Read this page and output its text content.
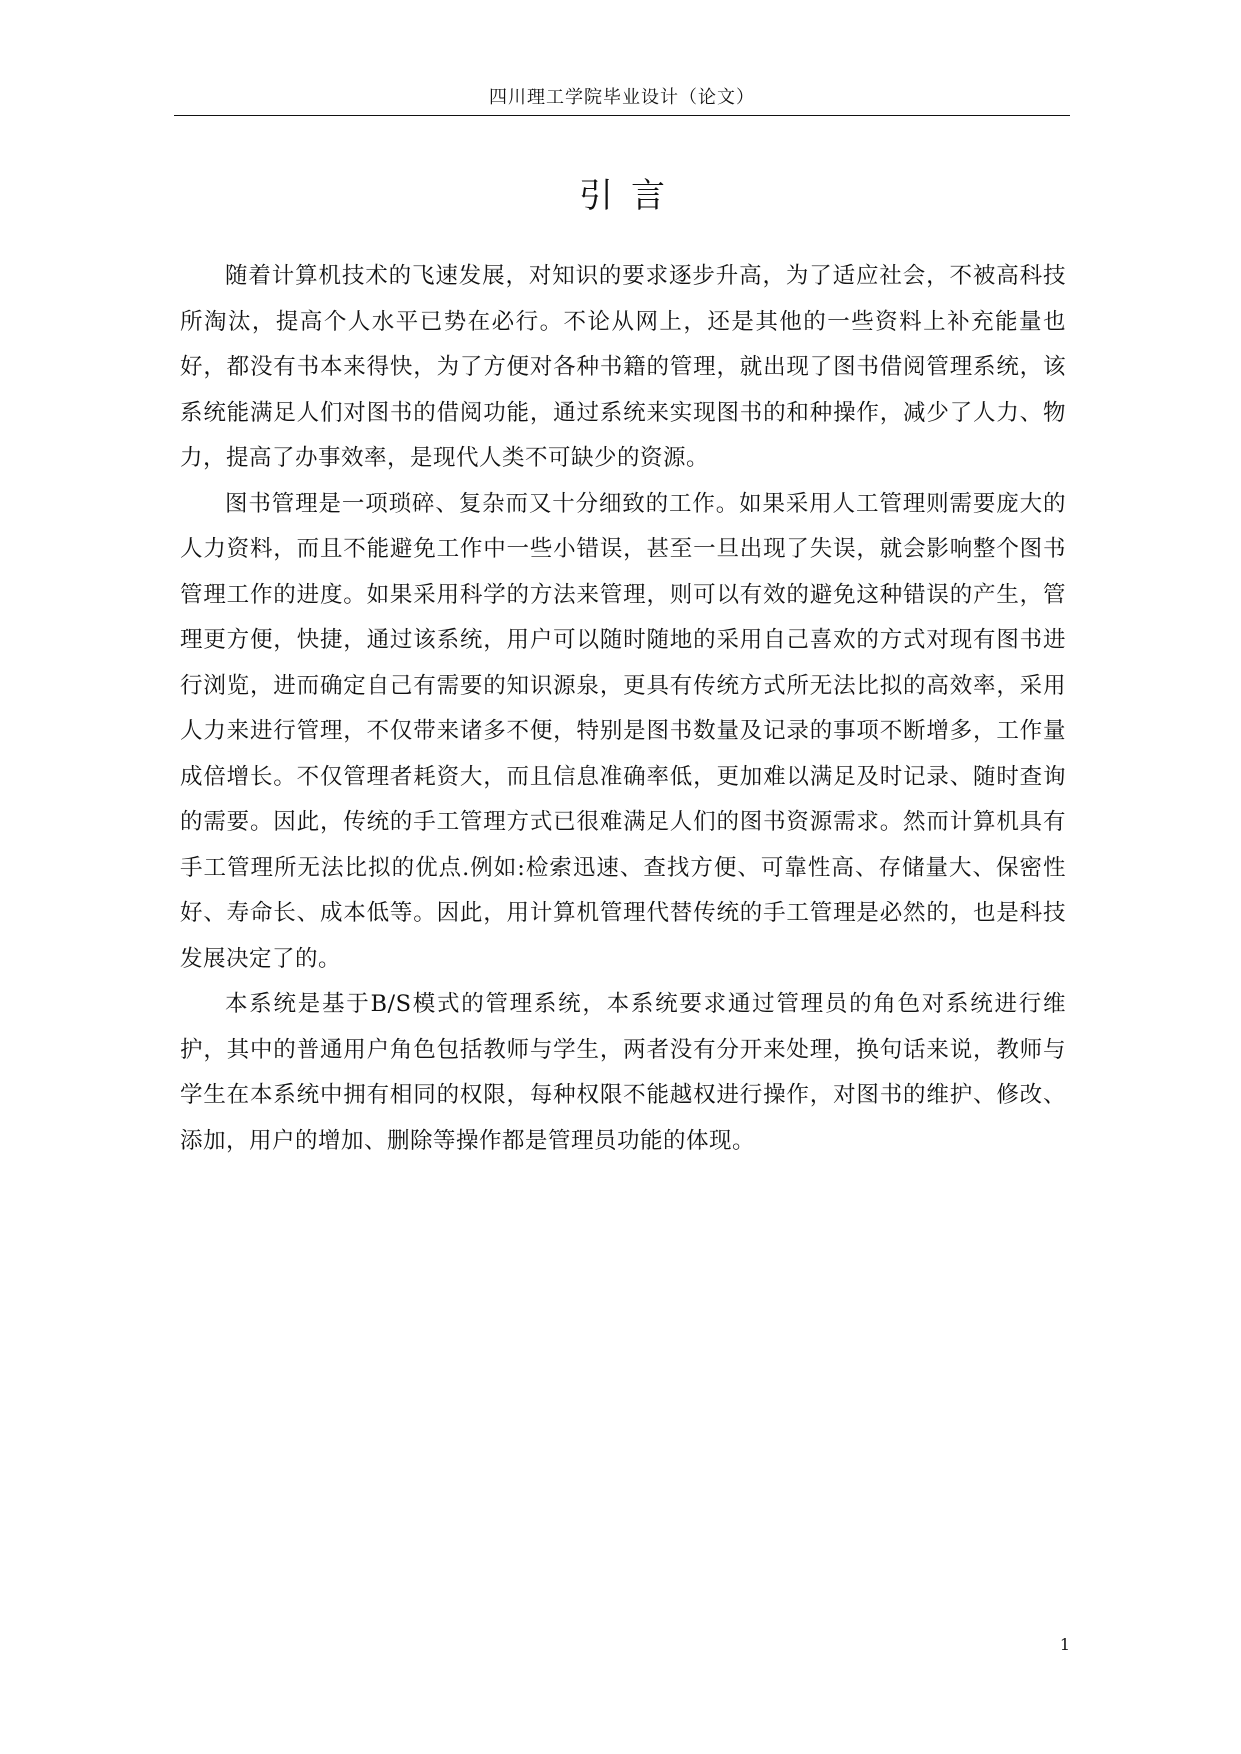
四川理工学院毕业设计（论文）
引言

随着计算机技术的飞速发展，对知识的要求逐步升高，为了适应社会，不被高科技所淘汰，提高个人水平已势在必行。不论从网上，还是其他的一些资料上补充能量也好，都没有书本来得快，为了方便对各种书籍的管理，就出现了图书借阅管理系统，该系统能满足人们对图书的借阅功能，通过系统来实现图书的和种操作，减少了人力、物力，提高了办事效率，是现代人类不可缺少的资源。

图书管理是一项琐碎、复杂而又十分细致的工作。如果采用人工管理则需要庞大的人力资料，而且不能避免工作中一些小错误，甚至一旦出现了失误，就会影响整个图书管理工作的进度。如果采用科学的方法来管理，则可以有效的避免这种错误的产生，管理更方便，快捷，通过该系统，用户可以随时随地的采用自己喜欢的方式对现有图书进行浏览，进而确定自己有需要的知识源泉，更具有传统方式所无法比拟的高效率，采用人力来进行管理，不仅带来诸多不便，特别是图书数量及记录的事项不断增多，工作量成倍增长。不仅管理者耗资大，而且信息准确率低，更加难以满足及时记录、随时查询的需要。因此，传统的手工管理方式已很难满足人们的图书资源需求。然而计算机具有手工管理所无法比拟的优点.例如:检索迅速、查找方便、可靠性高、存储量大、保密性好、寿命长、成本低等。因此，用计算机管理代替传统的手工管理是必然的，也是科技发展决定了的。

本系统是基于B/S模式的管理系统，本系统要求通过管理员的角色对系统进行维护，其中的普通用户角色包括教师与学生，两者没有分开来处理，换句话来说，教师与学生在本系统中拥有相同的权限，每种权限不能越权进行操作，对图书的维护、修改、添加，用户的增加、删除等操作都是管理员功能的体现。

1
